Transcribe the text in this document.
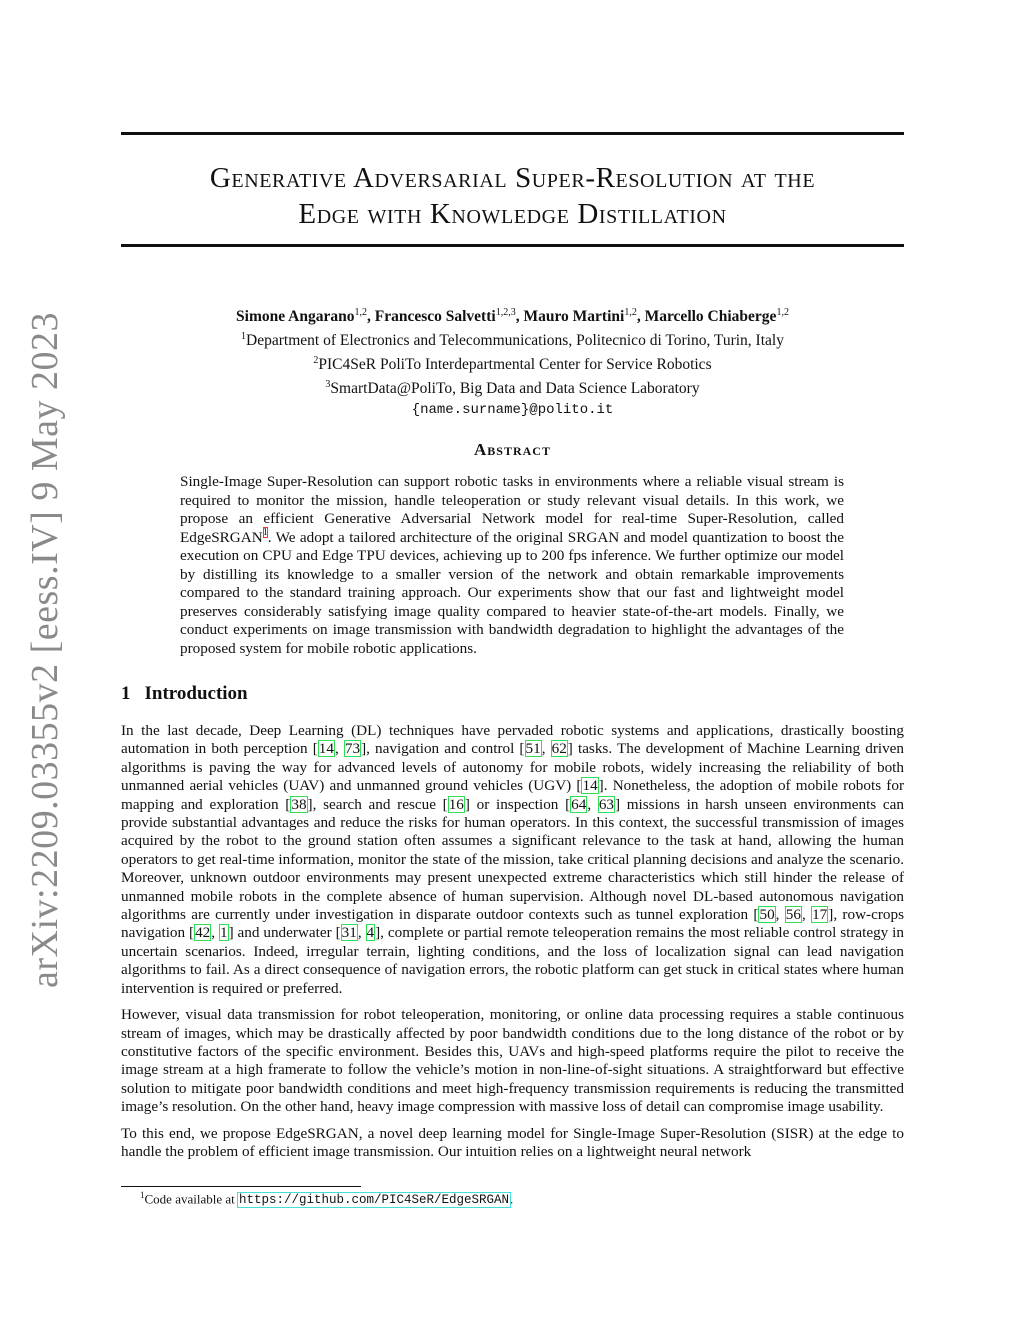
arXiv:2209.03355v2 [eess.IV] 9 May 2023
Generative Adversarial Super-Resolution at the
Edge with Knowledge Distillation
Simone Angarano$^{1,2}$, Francesco Salvetti$^{1,2,3}$, Mauro Martini$^{1,2}$, Marcello Chiaberge$^{1,2}$
$^1$Department of Electronics and Telecommunications, Politecnico di Torino, Turin, Italy
$^2$PIC4SeR PoliTo Interdepartmental Center for Service Robotics
$^3$SmartData@PoliTo, Big Data and Data Science Laboratory
{name.surname}@polito.it
Abstract
Single-Image Super-Resolution can support robotic tasks in environments where a reliable visual stream is required to monitor the mission, handle teleoperation or study relevant visual details. In this work, we propose an efficient Generative Adversarial Network model for real-time Super-Resolution, called EdgeSRGAN$^1$. We adopt a tailored architecture of the original SRGAN and model quantization to boost the execution on CPU and Edge TPU devices, achieving up to 200 fps inference. We further optimize our model by distilling its knowledge to a smaller version of the network and obtain remarkable improvements compared to the standard training approach. Our experiments show that our fast and lightweight model preserves considerably satisfying image quality compared to heavier state-of-the-art models. Finally, we conduct experiments on image transmission with bandwidth degradation to highlight the advantages of the proposed system for mobile robotic applications.
1 Introduction

In the last decade, Deep Learning (DL) techniques have pervaded robotic systems and applications, drastically boosting automation in both perception [14, 73], navigation and control [51, 62] tasks. The development of Machine Learning driven algorithms is paving the way for advanced levels of autonomy for mobile robots, widely increasing the reliability of both unmanned aerial vehicles (UAV) and unmanned ground vehicles (UGV) [14]. Nonetheless, the adoption of mobile robots for mapping and exploration [38], search and rescue [16] or inspection [64, 63] missions in harsh unseen environments can provide substantial advantages and reduce the risks for human operators. In this context, the successful transmission of images acquired by the robot to the ground station often assumes a significant relevance to the task at hand, allowing the human operators to get real-time information, monitor the state of the mission, take critical planning decisions and analyze the scenario. Moreover, unknown outdoor environments may present unexpected extreme characteristics which still hinder the release of unmanned mobile robots in the complete absence of human supervision. Although novel DL-based autonomous navigation algorithms are currently under investigation in disparate outdoor contexts such as tunnel exploration [50, 56, 17], row-crops navigation [42, 1] and underwater [31, 4], complete or partial remote teleoperation remains the most reliable control strategy in uncertain scenarios. Indeed, irregular terrain, lighting conditions, and the loss of localization signal can lead navigation algorithms to fail. As a direct consequence of navigation errors, the robotic platform can get stuck in critical states where human intervention is required or preferred.

However, visual data transmission for robot teleoperation, monitoring, or online data processing requires a stable continuous stream of images, which may be drastically affected by poor bandwidth conditions due to the long distance of the robot or by constitutive factors of the specific environment. Besides this, UAVs and high-speed platforms require the pilot to receive the image stream at a high framerate to follow the vehicle’s motion in non-line-of-sight situations. A straightforward but effective solution to mitigate poor bandwidth conditions and meet high-frequency transmission requirements is reducing the transmitted image’s resolution. On the other hand, heavy image compression with massive loss of detail can compromise image usability.

To this end, we propose EdgeSRGAN, a novel deep learning model for Single-Image Super-Resolution (SISR) at the edge to handle the problem of efficient image transmission. Our intuition relies on a lightweight neural network

$^1$Code available at https://github.com/PIC4SeR/EdgeSRGAN.
